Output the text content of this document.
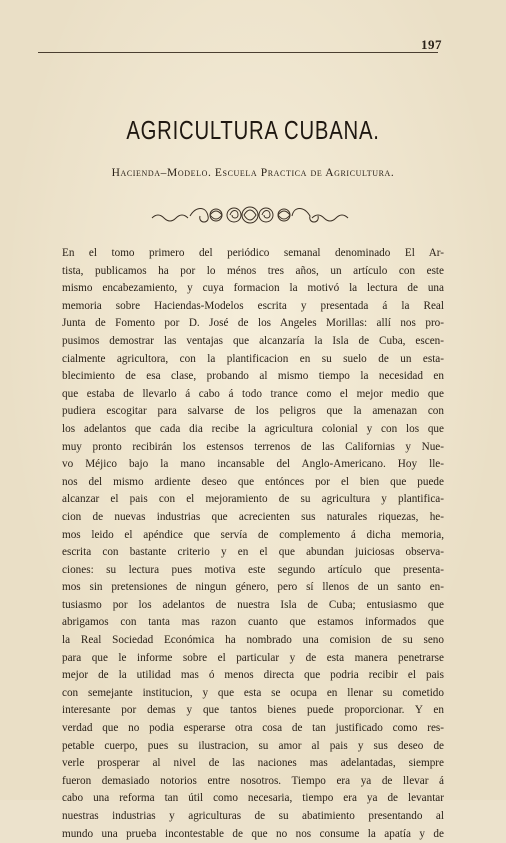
197
AGRICULTURA CUBANA.
Hacienda–Modelo. Escuela Practica de Agricultura.
En el tomo primero del periódico semanal denominado El Ar-
tista, publicamos ha por lo ménos tres años, un artículo con este
mismo encabezamiento, y cuya formacion la motivó la lectura de una
memoria sobre Haciendas-Modelos escrita y presentada á la Real
Junta de Fomento por D. José de los Angeles Morillas: allí nos pro-
pusimos demostrar las ventajas que alcanzaría la Isla de Cuba, escen-
cialmente agricultora, con la plantificacion en su suelo de un esta-
blecimiento de esa clase, probando al mismo tiempo la necesidad en
que estaba de llevarlo á cabo á todo trance como el mejor medio que
pudiera escogitar para salvarse de los peligros que la amenazan con
los adelantos que cada dia recibe la agricultura colonial y con los que
muy pronto recibirán los estensos terrenos de las Californias y Nue-
vo Méjico bajo la mano incansable del Anglo-Americano. Hoy lle-
nos del mismo ardiente deseo que entónces por el bien que puede
alcanzar el pais con el mejoramiento de su agricultura y plantifica-
cion de nuevas industrias que acrecienten sus naturales riquezas, he-
mos leido el apéndice que servía de complemento á dicha memoria,
escrita con bastante criterio y en el que abundan juiciosas observa-
ciones: su lectura pues motiva este segundo artículo que presenta-
mos sin pretensiones de ningun género, pero sí llenos de un santo en-
tusiasmo por los adelantos de nuestra Isla de Cuba; entusiasmo que
abrigamos con tanta mas razon cuanto que estamos informados que
la Real Sociedad Económica ha nombrado una comision de su seno
para que le informe sobre el particular y de esta manera penetrarse
mejor de la utilidad mas ó menos directa que podria recibir el pais
con semejante institucion, y que esta se ocupa en llenar su cometido
interesante por demas y que tantos bienes puede proporcionar. Y en
verdad que no podia esperarse otra cosa de tan justificado como res-
petable cuerpo, pues su ilustracion, su amor al pais y sus deseo de
verle prosperar al nivel de las naciones mas adelantadas, siempre
fueron demasiado notorios entre nosotros. Tiempo era ya de llevar á
cabo una reforma tan útil como necesaria, tiempo era ya de levantar
nuestras industrias y agriculturas de su abatimiento presentando al
mundo una prueba incontestable de que no nos consume la apatía y de
